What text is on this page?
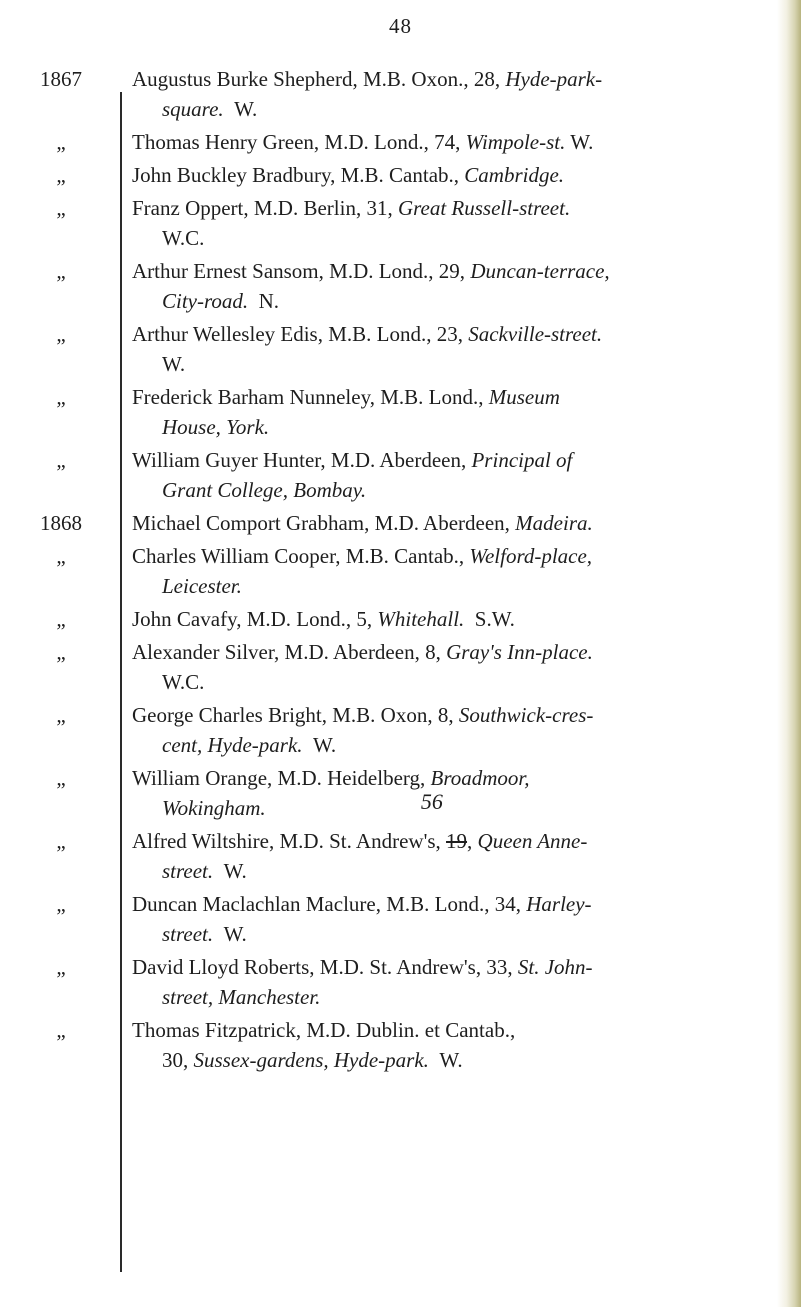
48
1867	Augustus Burke Shepherd, M.B. Oxon., 28, Hyde-park-
square. W.
„	Thomas Henry Green, M.D. Lond., 74, Wimpole-st. W.
„	John Buckley Bradbury, M.B. Cantab., Cambridge.
„	Franz Oppert, M.D. Berlin, 31, Great Russell-street.
W.C.
„	Arthur Ernest Sansom, M.D. Lond., 29, Duncan-terrace,
City-road. N.
„	Arthur Wellesley Edis, M.B. Lond., 23, Sackville-street.
W.
„	Frederick Barham Nunneley, M.B. Lond., Museum
House, York.
„	William Guyer Hunter, M.D. Aberdeen, Principal of
Grant College, Bombay.
1868	Michael Comport Grabham, M.D. Aberdeen, Madeira.
„	Charles William Cooper, M.B. Cantab., Welford-place,
Leicester.
„	John Cavafy, M.D. Lond., 5, Whitehall. S.W.
„	Alexander Silver, M.D. Aberdeen, 8, Gray's Inn-place.
W.C.
„	George Charles Bright, M.B. Oxon, 8, Southwick-cres-
cent, Hyde-park. W.
„	William Orange, M.D. Heidelberg, Broadmoor,
Wokingham.	56
„	Alfred Wiltshire, M.D. St. Andrew's, 19, Queen Anne-
street. W.
„	Duncan Maclachlan Maclure, M.B. Lond., 34, Harley-
street. W.
„	David Lloyd Roberts, M.D. St. Andrew's, 33, St. John-
street, Manchester.
„	Thomas Fitzpatrick, M.D. Dublin. et Cantab.,
30, Sussex-gardens, Hyde-park. W.
